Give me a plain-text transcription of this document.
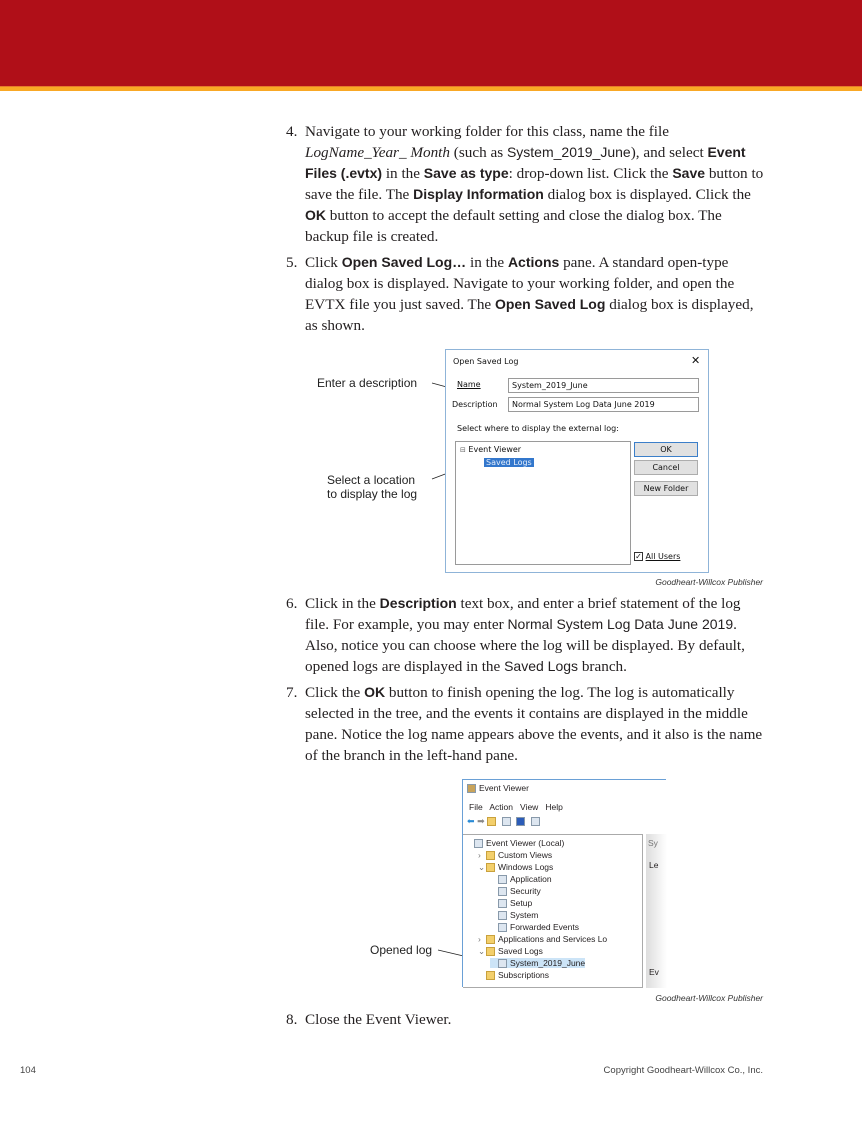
4. Navigate to your working folder for this class, name the file LogName_Year_ Month (such as System_2019_June), and select Event Files (.evtx) in the Save as type: drop-down list. Click the Save button to save the file. The Display Information dialog box is displayed. Click the OK button to accept the default setting and close the dialog box. The backup file is created.
5. Click Open Saved Log… in the Actions pane. A standard open-type dialog box is displayed. Navigate to your working folder, and open the EVTX file you just saved. The Open Saved Log dialog box is displayed, as shown.
Enter a description
Select a location
to display the log
Open Saved Log	✕
Name	System_2019_June
Description	Normal System Log Data June 2019
Select where to display the external log:
⊟ Event Viewer
Saved Logs
OK
Cancel
New Folder
✓ All Users
Goodheart-Willcox Publisher
6. Click in the Description text box, and enter a brief statement of the log file. For example, you may enter Normal System Log Data June 2019. Also, notice you can choose where the log will be displayed. By default, opened logs are displayed in the Saved Logs branch.
7. Click the OK button to finish opening the log. The log is automatically selected in the tree, and the events it contains are displayed in the middle pane. Notice the log name appears above the events, and it also is the name of the branch in the left-hand pane.
Opened log
Event Viewer
File Action View Help
⬅ ➡
Event Viewer (Local)
› Custom Views
⌄ Windows Logs
Application
Security
Setup
System
Forwarded Events
› Applications and Services Lo
⌄ Saved Logs
System_2019_June
Subscriptions
Sy
Le
Ev
Goodheart-Willcox Publisher
8. Close the Event Viewer.
104	Copyright Goodheart-Willcox Co., Inc.
